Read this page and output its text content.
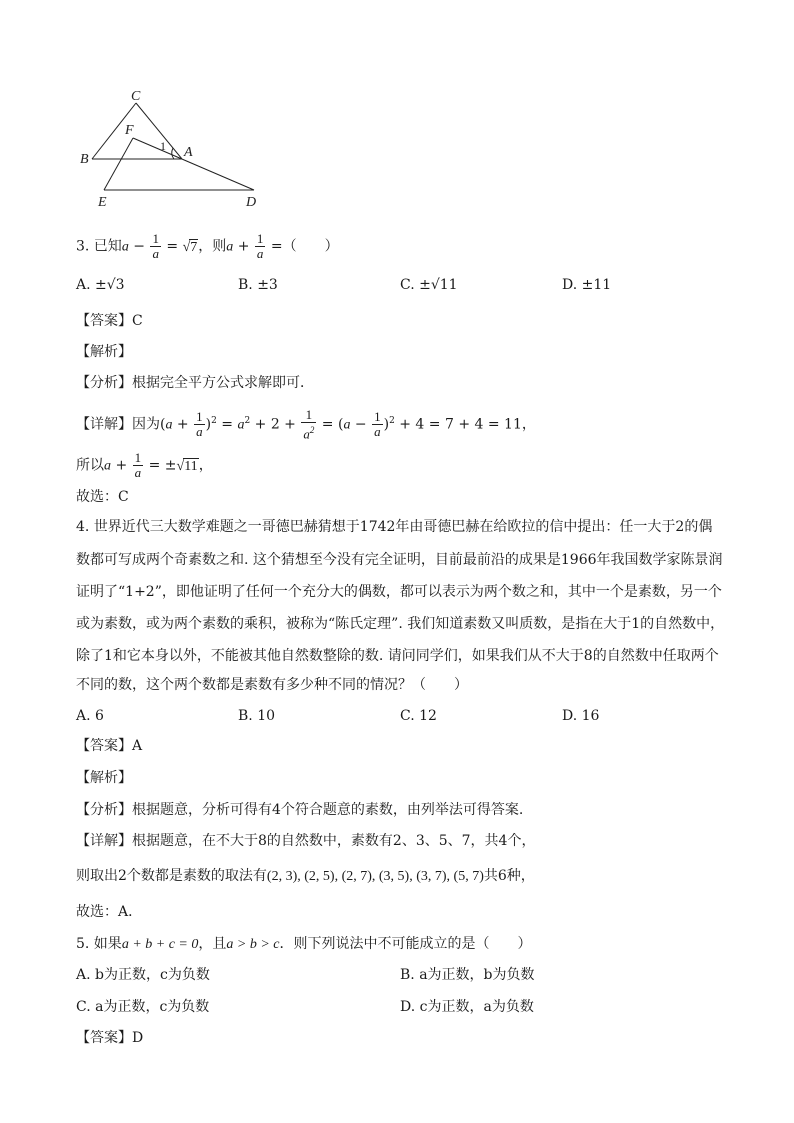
C
F
B	A
1
E	D
3. 已知$a - \frac{1}{a} = √7$，则$a + \frac{1}{a}$ =（　　）
A. ±√3	B. ±3	C. ±√11	D. ±11
【答案】C
【解析】
【分析】根据完全平方公式求解即可．
【详解】因为$(a + \frac{1}{a} )^2 = a^2 + 2 + \frac{1}{a^2} = (a - \frac{1}{a} )^2 + 4 = 7 + 4 = 11$，
所以$a + \frac{1}{a} = \pm√11$，
故选：C
4. 世界近代三大数学难题之一哥德巴赫猜想于1742年由哥德巴赫在给欧拉的信中提出：任一大于2的偶
数都可写成两个奇素数之和. 这个猜想至今没有完全证明，目前最前沿的成果是1966年我国数学家陈景润
证明了“1+2”，即他证明了任何一个充分大的偶数，都可以表示为两个数之和，其中一个是素数，另一个
或为素数，或为两个素数的乘积，被称为“陈氏定理”. 我们知道素数又叫质数，是指在大于1的自然数中，
除了1和它本身以外，不能被其他自然数整除的数. 请问同学们，如果我们从不大于8的自然数中任取两个
不同的数，这个两个数都是素数有多少种不同的情况？（　　）
A. 6	B. 10	C. 12	D. 16
【答案】A
【解析】
【分析】根据题意，分析可得有4个符合题意的素数，由列举法可得答案.
【详解】根据题意，在不大于8的自然数中，素数有2、3、5、7，共4个，
则取出2个数都是素数的取法有(2, 3), (2, 5), (2, 7), (3, 5), (3, 7), (5, 7)共6种，
故选：A．
5. 如果a + b + c = 0，且a > b > c．则下列说法中不可能成立的是（　　）
A. b为正数，c为负数	B. a为正数，b为负数
C. a为正数，c为负数	D. c为正数，a为负数
【答案】D
